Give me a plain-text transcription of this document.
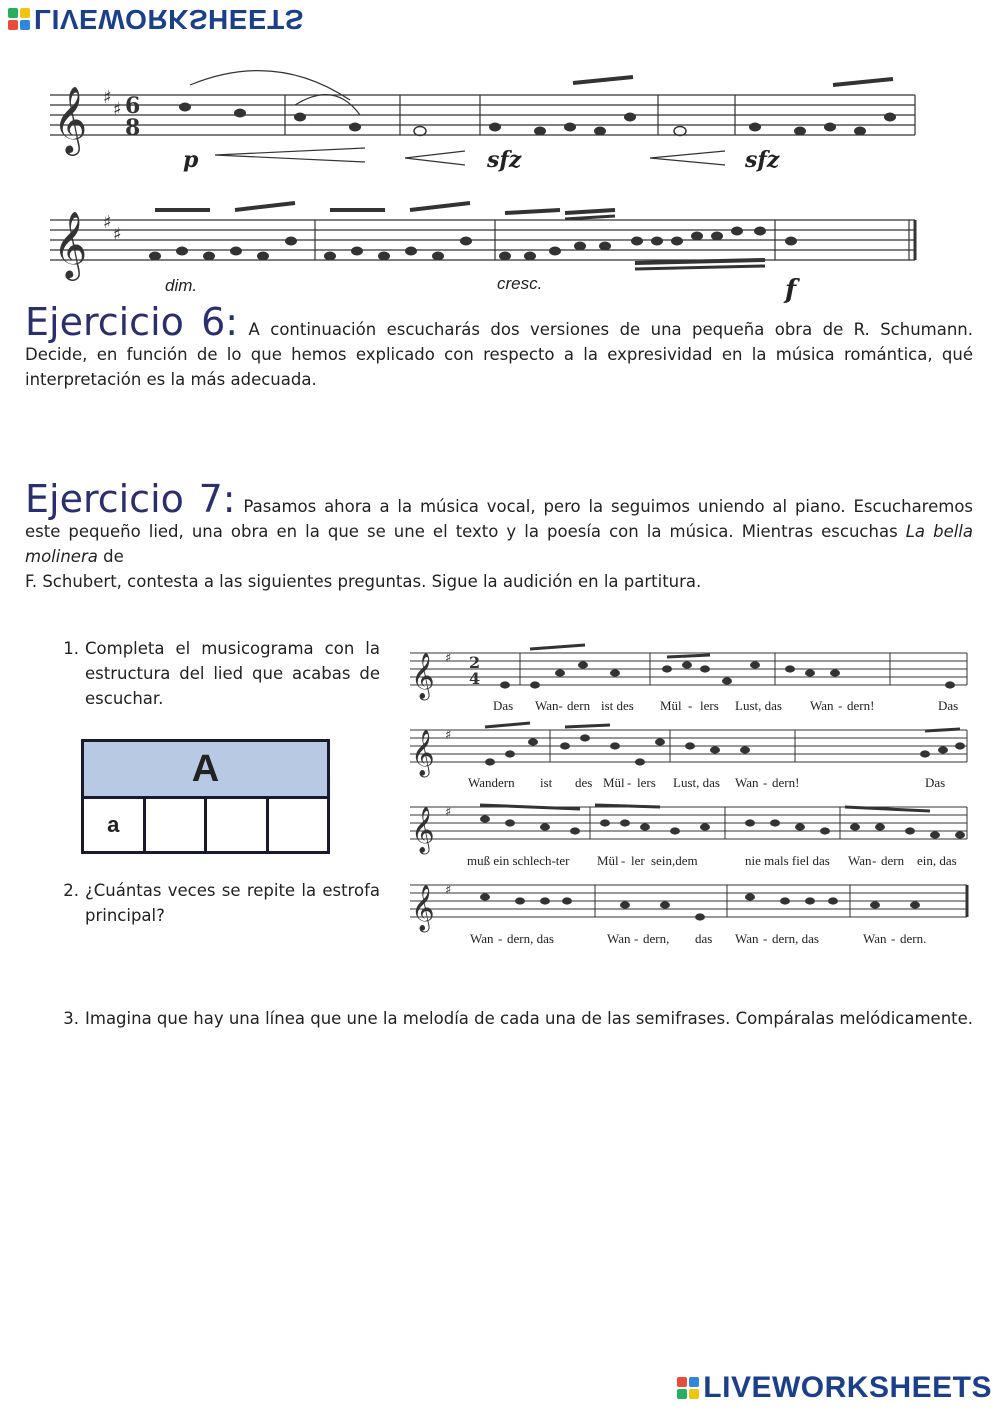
LIVEWORKSHEETS
𝄞
𝄞
♯
♯
♯
♯
6
8
p	sfz	sfz
f
dim.	cresc.
Ejercicio 6: A continuación escucharás dos versiones de una pequeña obra de R. Schumann. Decide, en función de lo que hemos explicado con respecto a la expresividad en la música romántica, qué interpretación es la más adecuada.
Ejercicio 7: Pasamos ahora a la música vocal, pero la seguimos uniendo al piano. Escucharemos este pequeño lied, una obra en la que se une el texto y la poesía con la música. Mientras escuchas La bella molinera de
F. Schubert, contesta a las siguientes preguntas. Sigue la audición en la partitura.
1. Completa el musicograma con la estructura del lied que acabas de escuchar.
A
a			
2. ¿Cuántas veces se repite la estrofa principal?
𝄞
𝄞
𝄞
𝄞
♯
♯
♯
♯
2
4
Das Wan- dern ist des Mül - lers Lust, das Wan - dern!	Das
Wandern ist des Mül - lers Lust, das Wan - dern!	Das
muß ein schlech-ter Mül - ler sein,dem	nie mals fiel das Wan - dern ein, das
Wan - dern, das	Wan - dern, das Wan - dern, das	Wan - dern.
3. Imagina que hay una línea que une la melodía de cada una de las semifrases. Compáralas melódicamente.
LIVEWORKSHEETS
